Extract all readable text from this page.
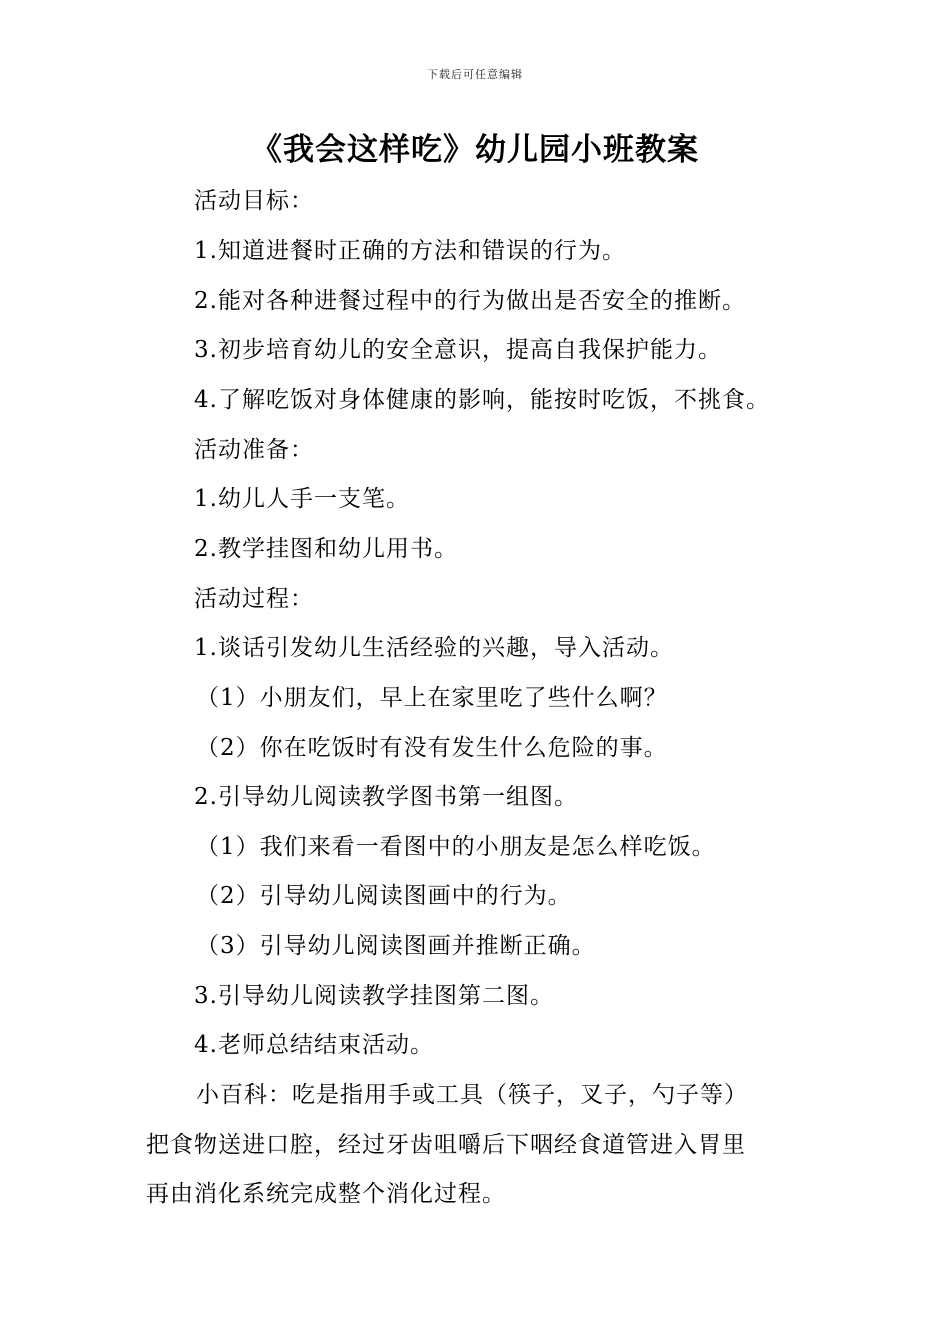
下载后可任意编辑
《我会这样吃》幼儿园小班教案
活动目标：
1.知道进餐时正确的方法和错误的行为。
2.能对各种进餐过程中的行为做出是否安全的推断。
3.初步培育幼儿的安全意识，提高自我保护能力。
4.了解吃饭对身体健康的影响，能按时吃饭，不挑食。
活动准备：
1.幼儿人手一支笔。
2.教学挂图和幼儿用书。
活动过程：
1.谈话引发幼儿生活经验的兴趣，导入活动。
（1）小朋友们，早上在家里吃了些什么啊？
（2）你在吃饭时有没有发生什么危险的事。
2.引导幼儿阅读教学图书第一组图。
（1）我们来看一看图中的小朋友是怎么样吃饭。
（2）引导幼儿阅读图画中的行为。
（3）引导幼儿阅读图画并推断正确。
3.引导幼儿阅读教学挂图第二图。
4.老师总结结束活动。
小百科：吃是指用手或工具（筷子，叉子，勺子等）
把食物送进口腔，经过牙齿咀嚼后下咽经食道管进入胃里
再由消化系统完成整个消化过程。
